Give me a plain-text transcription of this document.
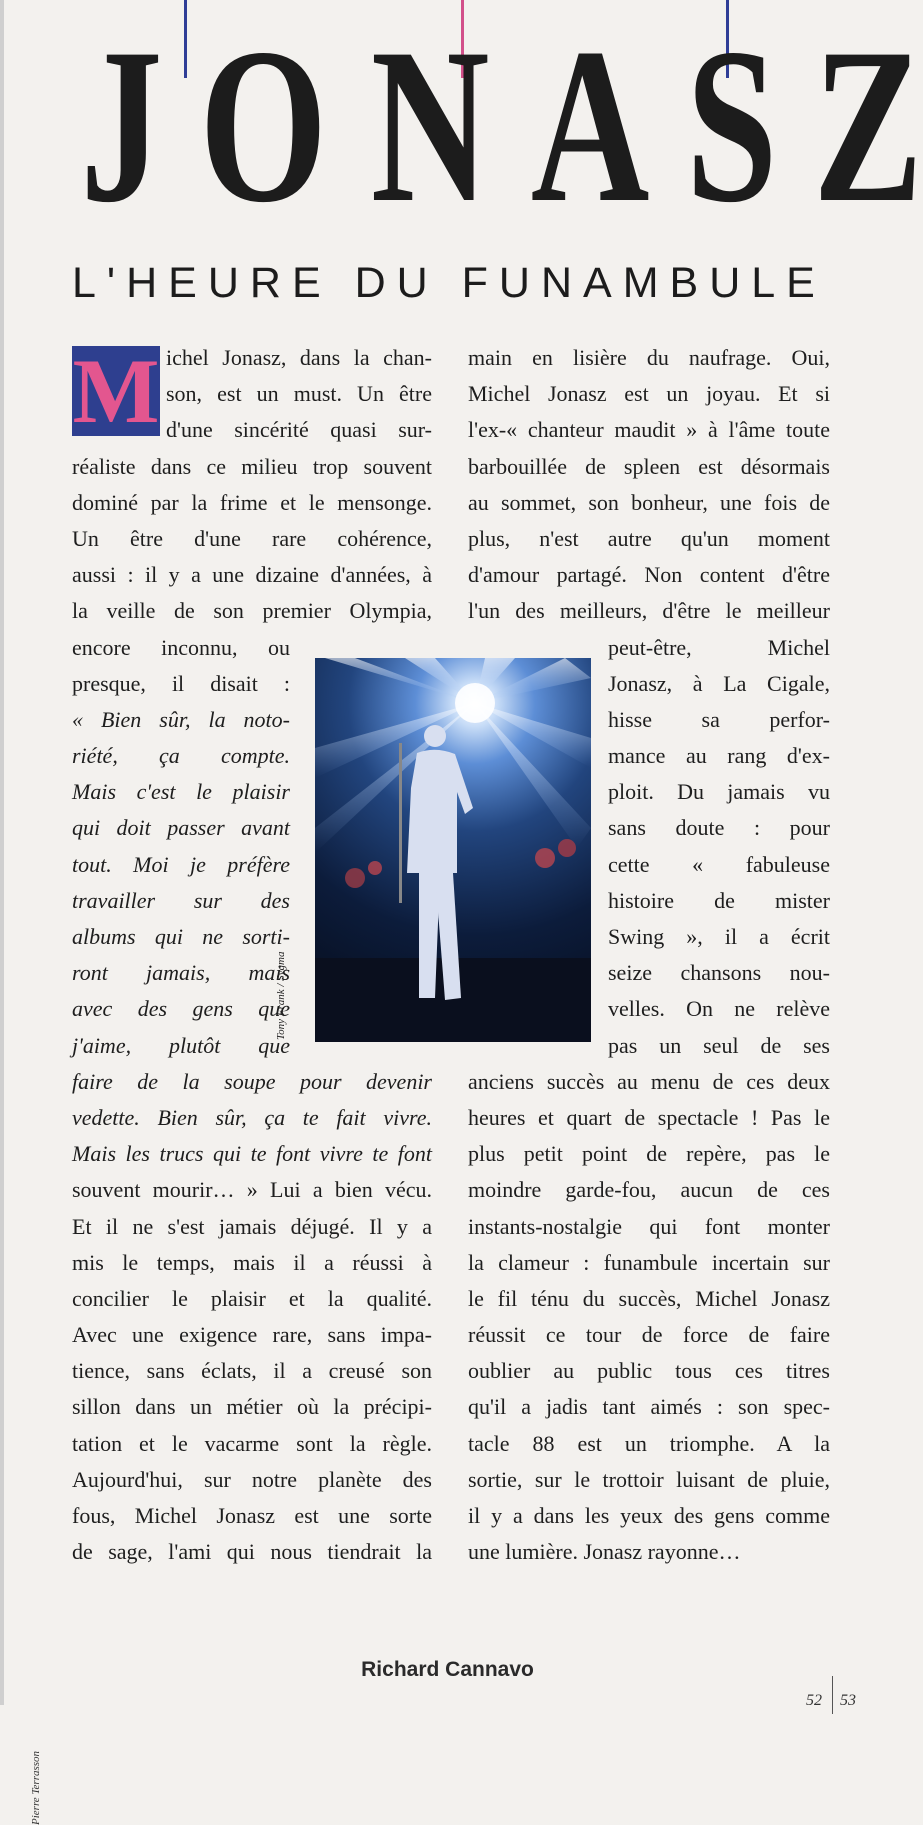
J O N A S Z
L'HEURE DU FUNAMBULE
M ichel Jonasz, dans la chan-
son, est un must. Un être
d'une sincérité quasi sur-
réaliste dans ce milieu trop souvent
dominé par la frime et le mensonge.
Un être d'une rare cohérence,
aussi : il y a une dizaine d'années, à
la veille de son premier Olympia,
encore inconnu, ou
presque, il disait :
« Bien sûr, la noto-
riété, ça compte.
Mais c'est le plaisir
qui doit passer avant
tout. Moi je préfère
travailler sur des
albums qui ne sorti-
ront jamais, mais
avec des gens que
j'aime, plutôt que
faire de la soupe pour devenir
vedette. Bien sûr, ça te fait vivre.
Mais les trucs qui te font vivre te font
souvent mourir… » Lui a bien vécu.
Et il ne s'est jamais déjugé. Il y a
mis le temps, mais il a réussi à
concilier le plaisir et la qualité.
Avec une exigence rare, sans impa-
tience, sans éclats, il a creusé son
sillon dans un métier où la précipi-
tation et le vacarme sont la règle.
Aujourd'hui, sur notre planète des
fous, Michel Jonasz est une sorte
de sage, l'ami qui nous tiendrait la
main en lisière du naufrage. Oui,
Michel Jonasz est un joyau. Et si
l'ex-« chanteur maudit » à l'âme toute
barbouillée de spleen est désormais
au sommet, son bonheur, une fois de
plus, n'est autre qu'un moment
d'amour partagé. Non content d'être
l'un des meilleurs, d'être le meilleur
peut-être, Michel
Jonasz, à La Cigale,
hisse sa perfor-
mance au rang d'ex-
ploit. Du jamais vu
sans doute : pour
cette « fabuleuse
histoire de mister
Swing », il a écrit
seize chansons nou-
velles. On ne relève
pas un seul de ses
anciens succès au menu de ces deux
heures et quart de spectacle ! Pas le
plus petit point de repère, pas le
moindre garde-fou, aucun de ces
instants-nostalgie qui font monter
la clameur : funambule incertain sur
le fil ténu du succès, Michel Jonasz
réussit ce tour de force de faire
oublier au public tous ces titres
qu'il a jadis tant aimés : son spec-
tacle 88 est un triomphe. A la
sortie, sur le trottoir luisant de pluie,
il y a dans les yeux des gens comme
une lumière. Jonasz rayonne…
Tony Frank / Sygma
Pierre Terrasson

Richard Cannavo

52 53
